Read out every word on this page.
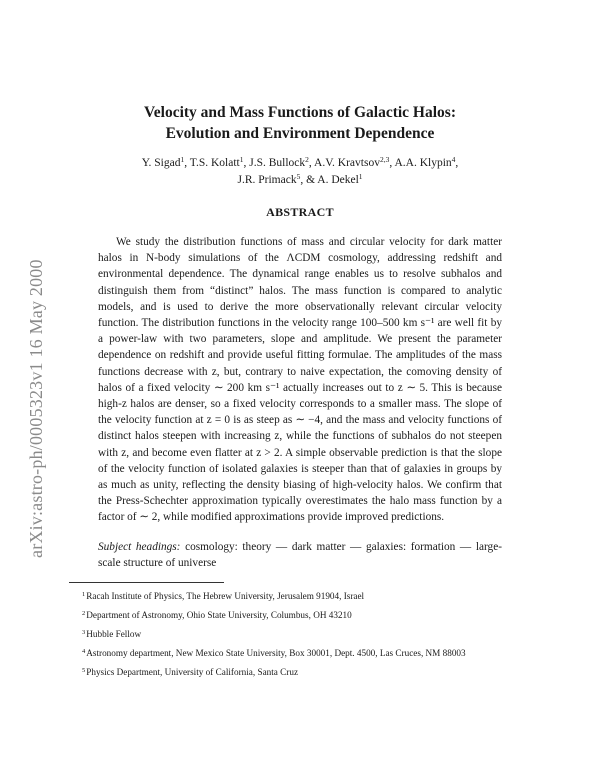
arXiv:astro-ph/0005323v1 16 May 2000
Velocity and Mass Functions of Galactic Halos:
Evolution and Environment Dependence
Y. Sigad$^1$, T.S. Kolatt$^1$, J.S. Bullock$^2$, A.V. Kravtsov$^{2,3}$, A.A. Klypin$^4$,
J.R. Primack$^5$, & A. Dekel$^1$
ABSTRACT

We study the distribution functions of mass and circular velocity for dark matter halos in N-body simulations of the ΛCDM cosmology, addressing redshift and environmental dependence. The dynamical range enables us to resolve subhalos and distinguish them from “distinct” halos. The mass function is compared to analytic models, and is used to derive the more observationally relevant circular velocity function. The distribution functions in the velocity range 100–500 km s⁻¹ are well fit by a power-law with two parameters, slope and amplitude. We present the parameter dependence on redshift and provide useful fitting formulae. The amplitudes of the mass functions decrease with z, but, contrary to naive expectation, the comoving density of halos of a fixed velocity ∼ 200 km s⁻¹ actually increases out to z ∼ 5. This is because high-z halos are denser, so a fixed velocity corresponds to a smaller mass. The slope of the velocity function at z = 0 is as steep as ∼ −4, and the mass and velocity functions of distinct halos steepen with increasing z, while the functions of subhalos do not steepen with z, and become even flatter at z > 2. A simple observable prediction is that the slope of the velocity function of isolated galaxies is steeper than that of galaxies in groups by as much as unity, reflecting the density biasing of high-velocity halos. We confirm that the Press-Schechter approximation typically overestimates the halo mass function by a factor of ∼ 2, while modified approximations provide improved predictions.

Subject headings: cosmology: theory — dark matter — galaxies: formation — large-scale structure of universe

$^1$Racah Institute of Physics, The Hebrew University, Jerusalem 91904, Israel
$^2$Department of Astronomy, Ohio State University, Columbus, OH 43210
$^3$Hubble Fellow
$^4$Astronomy department, New Mexico State University, Box 30001, Dept. 4500, Las Cruces, NM 88003
$^5$Physics Department, University of California, Santa Cruz
